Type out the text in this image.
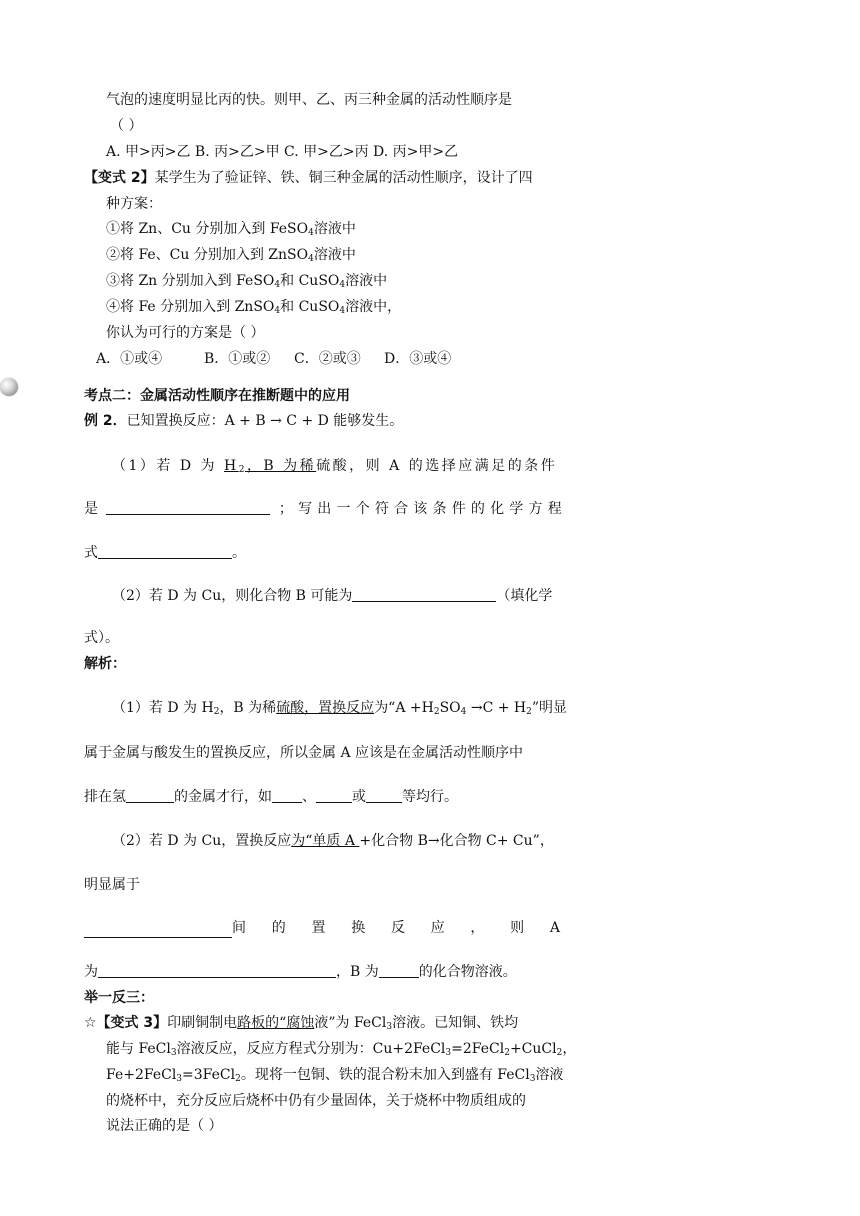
气泡的速度明显比丙的快。则甲、乙、丙三种金属的活动性顺序是
（ ）
A. 甲>丙>乙 B. 丙>乙>甲 C. 甲>乙>丙 D. 丙>甲>乙
【变式 2】某学生为了验证锌、铁、铜三种金属的活动性顺序，设计了四
种方案：
①将 Zn、Cu 分别加入到 FeSO$_4$溶液中
②将 Fe、Cu 分别加入到 ZnSO$_4$溶液中
③将 Zn 分别加入到 FeSO$_4$和 CuSO$_4$溶液中
④将 Fe 分别加入到 ZnSO$_4$和 CuSO$_4$溶液中，
你认为可行的方案是（ ）
A．①或④	B．①或② C．②或③ D．③或④
考点二：金属活动性顺序在推断题中的应用
例 2．已知置换反应：A + B → C + D 能够发生。
（1）若 D 为 $H_2$，B 为稀硫酸，则 A 的选择应满足的条件
是	；写出一个符合该条件的化学方程
式	。
（2）若 D 为 Cu，则化合物 B 可能为	（填化学
式）。
解析：
（1）若 D 为 $H_2$，B 为稀硫酸，置换反应为“$A +H_2SO_4 \to C + H_2$”明显
属于金属与酸发生的置换反应，所以金属 A 应该是在金属活动性顺序中
排在氢	的金属才行，如 、	或	等均行。
（2）若 D 为 Cu，置换反应为“单质 A +化合物 B→化合物 C+ Cu”，
明显属于
间 的 置 换 反 应 ， 则 A
为	，B 为	的化合物溶液。
举一反三：
☆【变式 3】印刷铜制电路板的“腐蚀液”为 FeCl$_3$溶液。已知铜、铁均
能与 FeCl$_3$溶液反应，反应方程式分别为：Cu+2FeCl$_3$=2FeCl$_2$+CuCl$_2$，
Fe+2FeCl$_3$=3FeCl$_2$。现将一包铜、铁的混合粉末加入到盛有 FeCl$_3$溶液
的烧杯中，充分反应后烧杯中仍有少量固体，关于烧杯中物质组成的
说法正确的是（ ）
